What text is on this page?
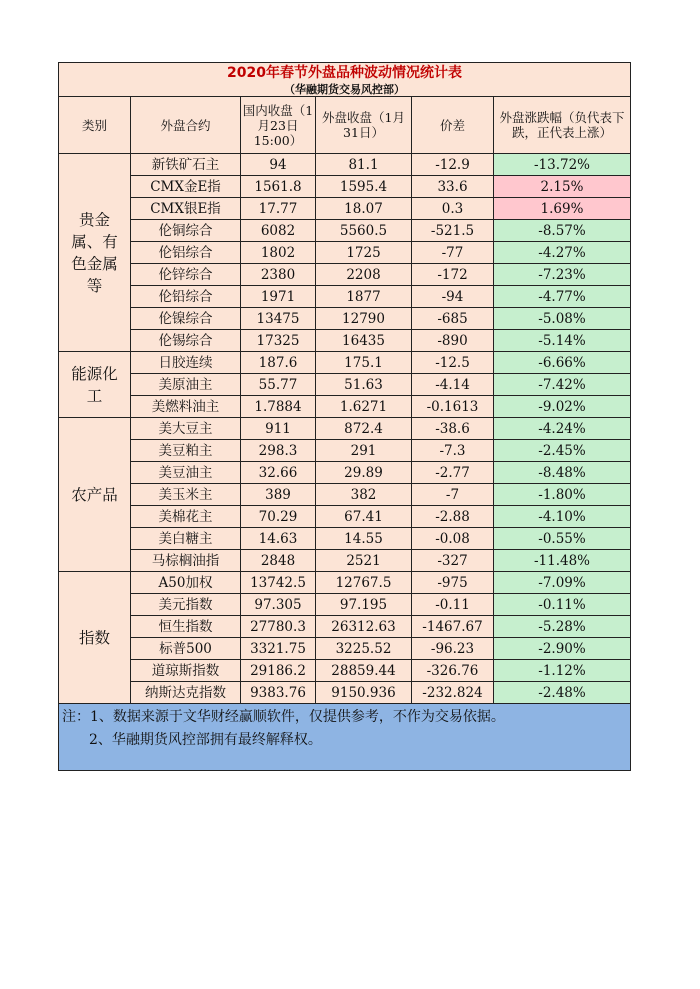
2020年春节外盘品种波动情况统计表					
（华融期货交易风控部）					
类别	外盘合约	国内收盘（1月23日15:00）	外盘收盘（1月31日）	价差	外盘涨跌幅（负代表下跌，正代表上涨）
贵金属、有色金属等	新铁矿石主	94	81.1	-12.9	-13.72%
	CMX金E指	1561.8	1595.4	33.6	2.15%
	CMX银E指	17.77	18.07	0.3	1.69%
	伦铜综合	6082	5560.5	-521.5	-8.57%
	伦铝综合	1802	1725	-77	-4.27%
	伦锌综合	2380	2208	-172	-7.23%
	伦铅综合	1971	1877	-94	-4.77%
	伦镍综合	13475	12790	-685	-5.08%
	伦锡综合	17325	16435	-890	-5.14%
能源化工	日胶连续	187.6	175.1	-12.5	-6.66%
	美原油主	55.77	51.63	-4.14	-7.42%
	美燃料油主	1.7884	1.6271	-0.1613	-9.02%
农产品	美大豆主	911	872.4	-38.6	-4.24%
	美豆粕主	298.3	291	-7.3	-2.45%
	美豆油主	32.66	29.89	-2.77	-8.48%
	美玉米主	389	382	-7	-1.80%
	美棉花主	70.29	67.41	-2.88	-4.10%
	美白糖主	14.63	14.55	-0.08	-0.55%
	马棕榈油指	2848	2521	-327	-11.48%
指数	A50加权	13742.5	12767.5	-975	-7.09%
	美元指数	97.305	97.195	-0.11	-0.11%
	恒生指数	27780.3	26312.63	-1467.67	-5.28%
	标普500	3321.75	3225.52	-96.23	-2.90%
	道琼斯指数	29186.2	28859.44	-326.76	-1.12%
	纳斯达克指数	9383.76	9150.936	-232.824	-2.48%

注：1、数据来源于文华财经赢顺软件，仅提供参考，不作为交易依据。
2、华融期货风控部拥有最终解释权。					
